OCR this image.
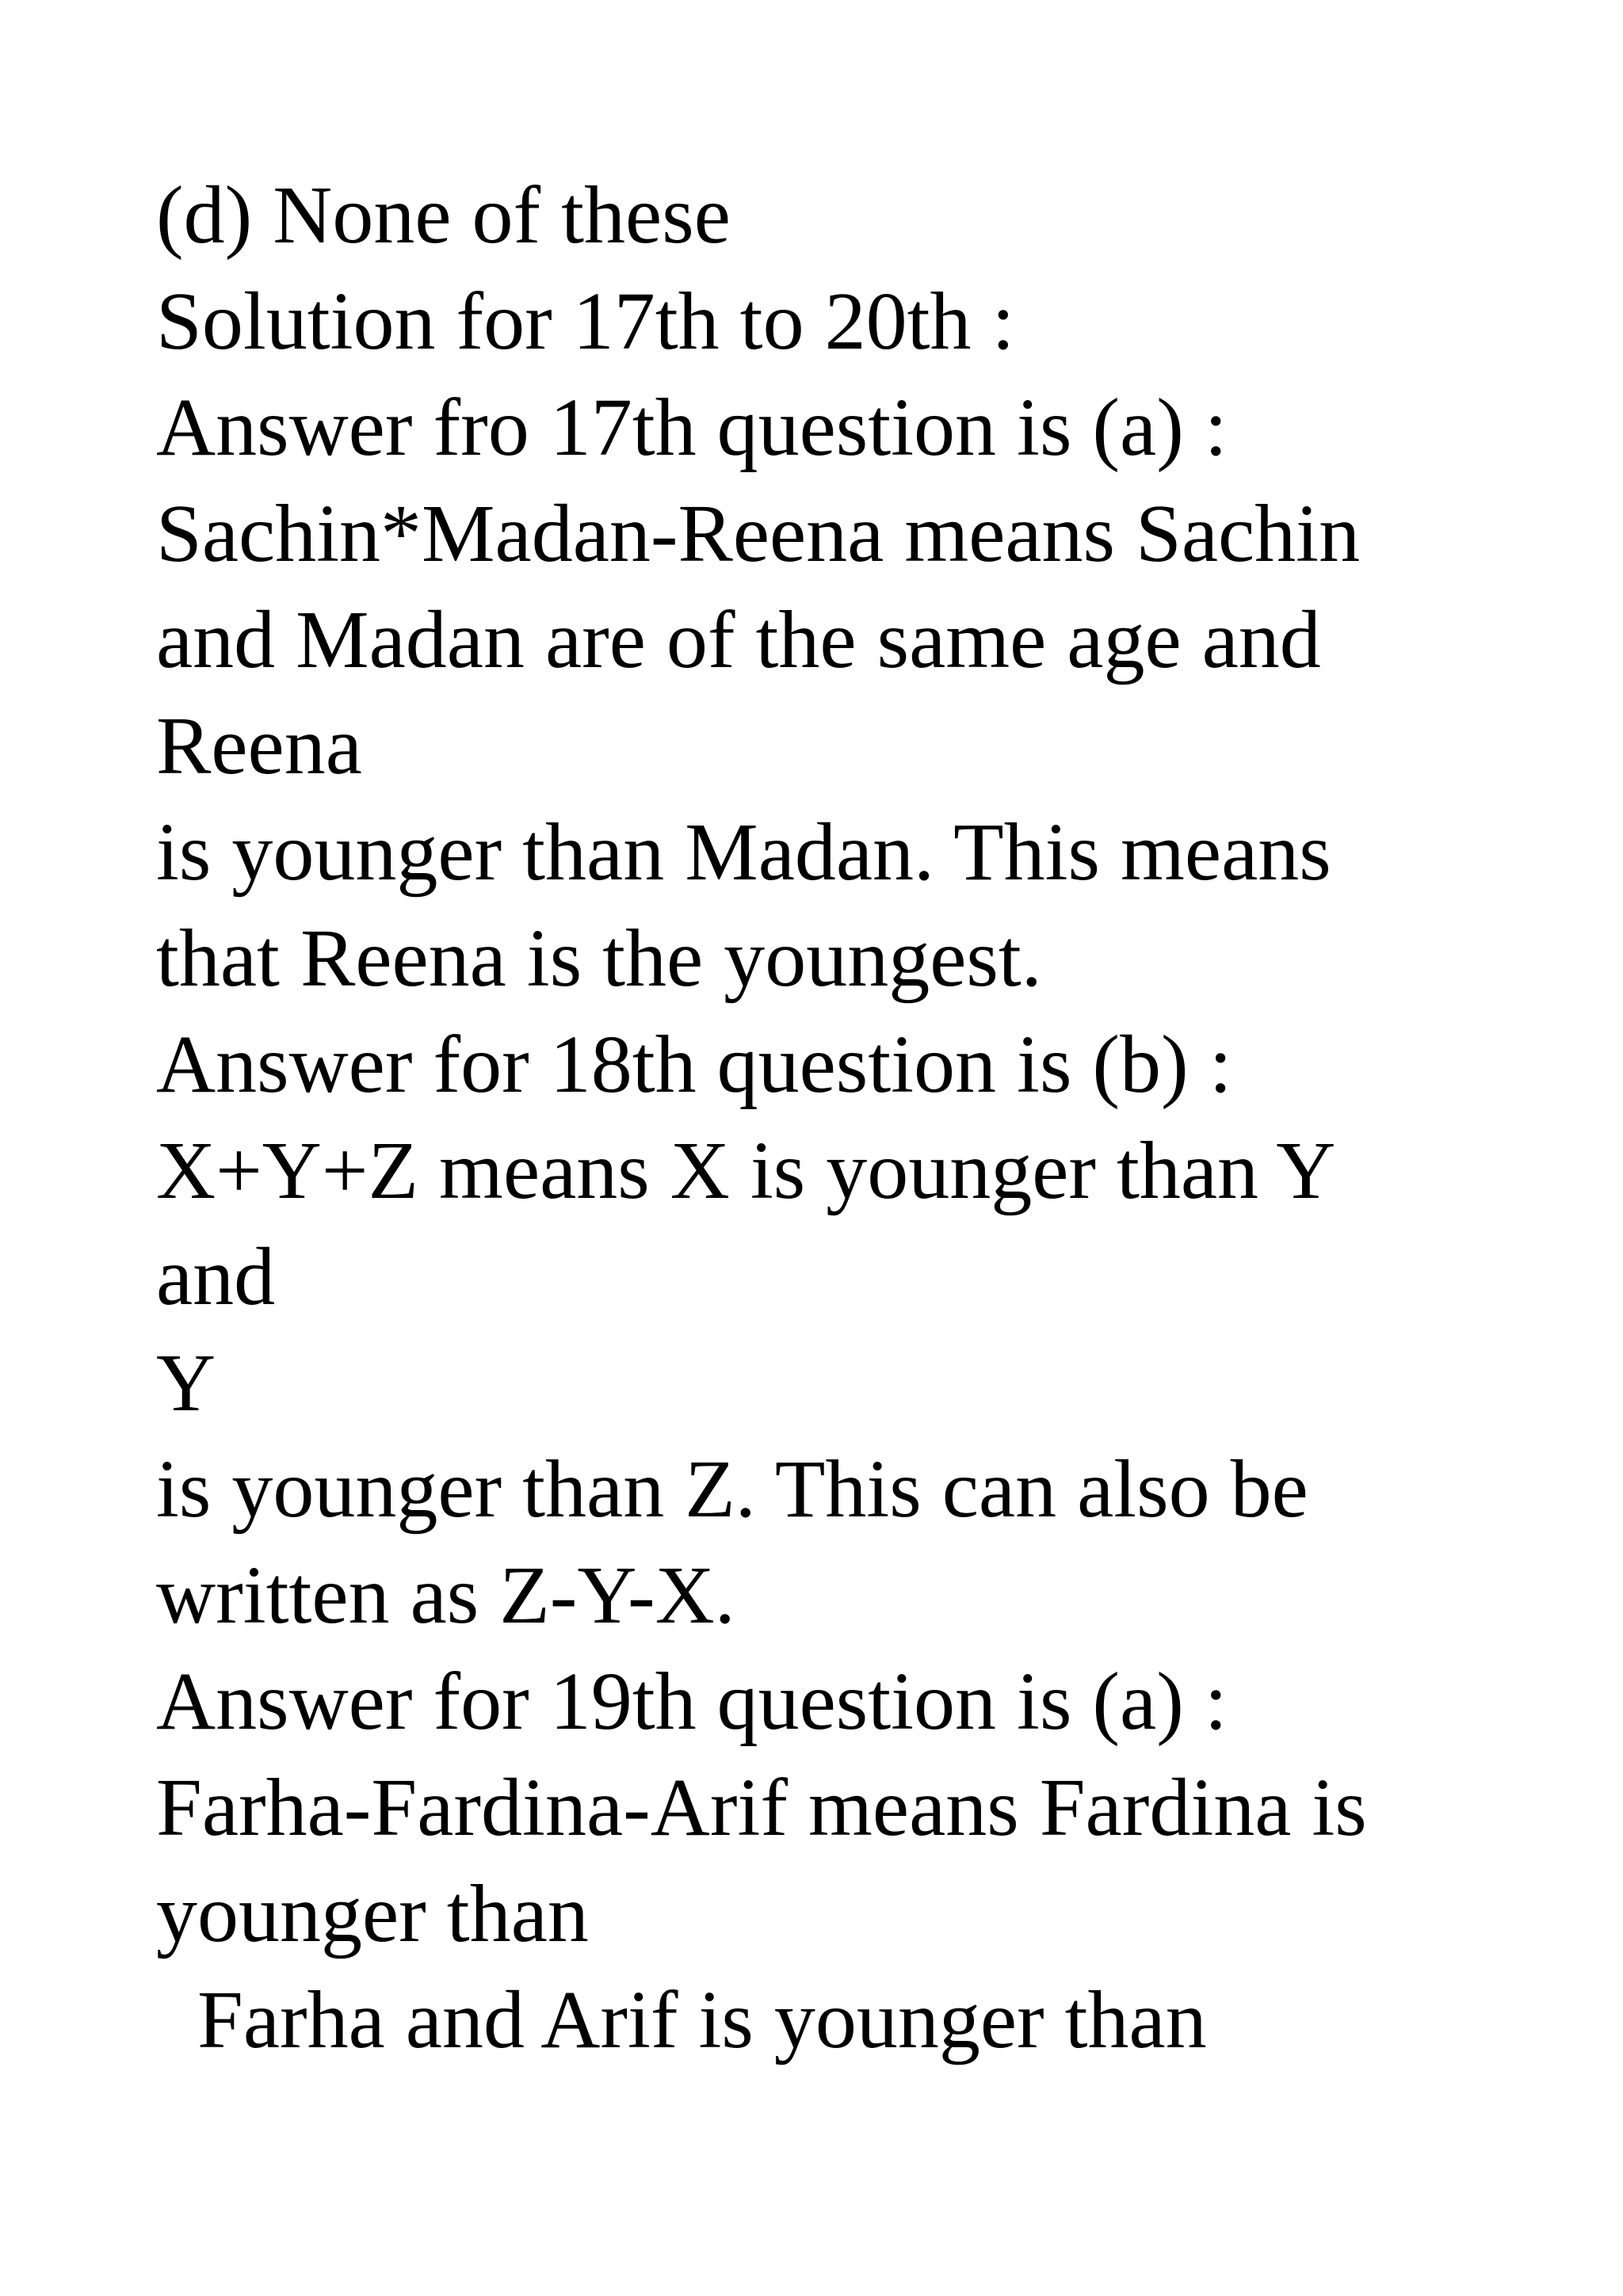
(d) None of these

Solution for 17th to 20th :

Answer fro 17th question is (a) :

Sachin*Madan-Reena means Sachin

and Madan are of the same age and

Reena

is younger than Madan. This means

that Reena is the youngest.

Answer for 18th question is (b) :

X+Y+Z means X is younger than Y

and

Y

is younger than Z. This can also be

written as Z-Y-X.

Answer for 19th question is (a) :

Farha-Fardina-Arif means Fardina is

younger than

Farha and Arif is younger than
